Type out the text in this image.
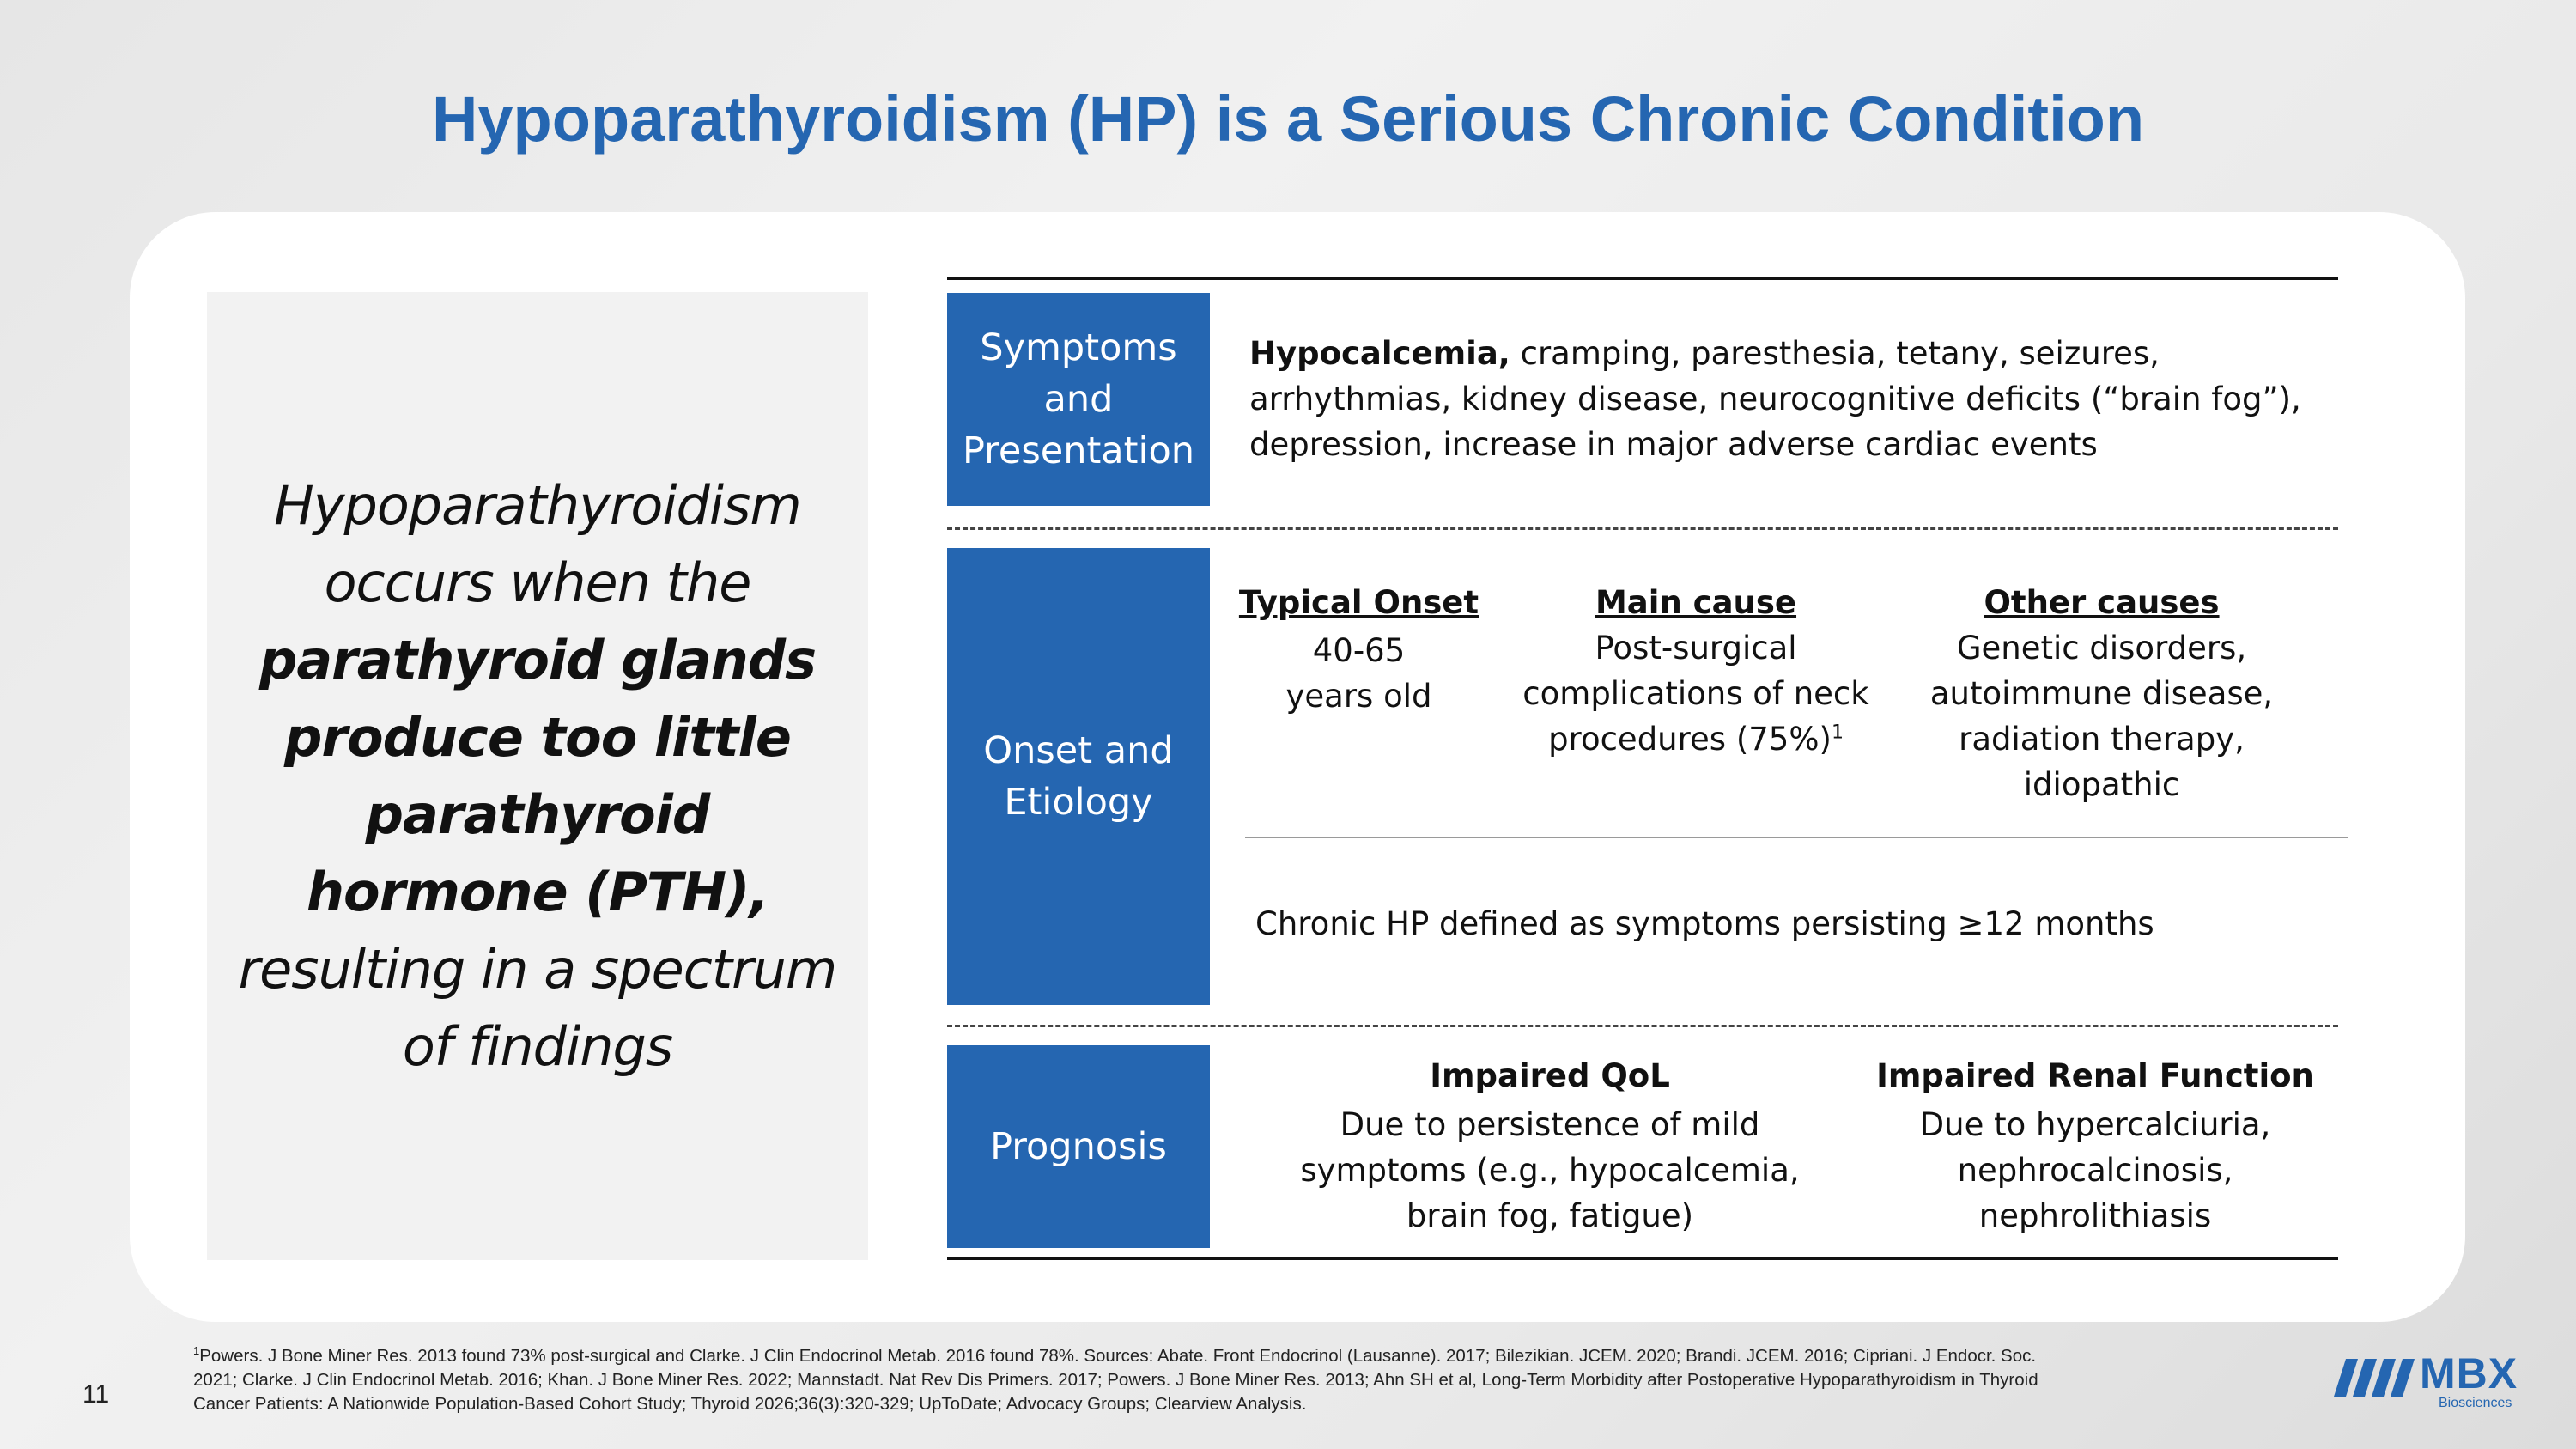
Hypoparathyroidism (HP) is a Serious Chronic Condition

Hypoparathyroidism occurs when the parathyroid glands produce too little parathyroid hormone (PTH), resulting in a spectrum of findings

Symptoms
and
Presentation

Hypocalcemia, cramping, paresthesia, tetany, seizures, arrhythmias, kidney disease, neurocognitive deficits (“brain fog”), depression, increase in major adverse cardiac events

Onset and
Etiology
Typical Onset
40-65
years old
Main cause
Post-surgical
complications of neck
procedures $(75\%)^1$
Other causes
Genetic disorders,
autoimmune disease,
radiation therapy,
idiopathic
Chronic HP defined as symptoms persisting ≥12 months
Prognosis
Impaired QoL
Due to persistence of mild
symptoms (e.g., hypocalcemia,
brain fog, fatigue)
Impaired Renal Function
Due to hypercalciuria,
nephrocalcinosis,
nephrolithiasis

$^1$Powers. J Bone Miner Res. 2013 found 73% post-surgical and Clarke. J Clin Endocrinol Metab. 2016 found 78%. Sources: Abate. Front Endocrinol (Lausanne). 2017; Bilezikian. JCEM. 2020; Brandi. JCEM. 2016; Cipriani. J Endocr. Soc. 2021; Clarke. J Clin Endocrinol Metab. 2016; Khan. J Bone Miner Res. 2022; Mannstadt. Nat Rev Dis Primers. 2017; Powers. J Bone Miner Res. 2013; Ahn SH et al, Long-Term Morbidity after Postoperative Hypoparathyroidism in Thyroid Cancer Patients: A Nationwide Population-Based Cohort Study; Thyroid 2026;36(3):320-329; UpToDate; Advocacy Groups; Clearview Analysis.

11	MBX
Biosciences
